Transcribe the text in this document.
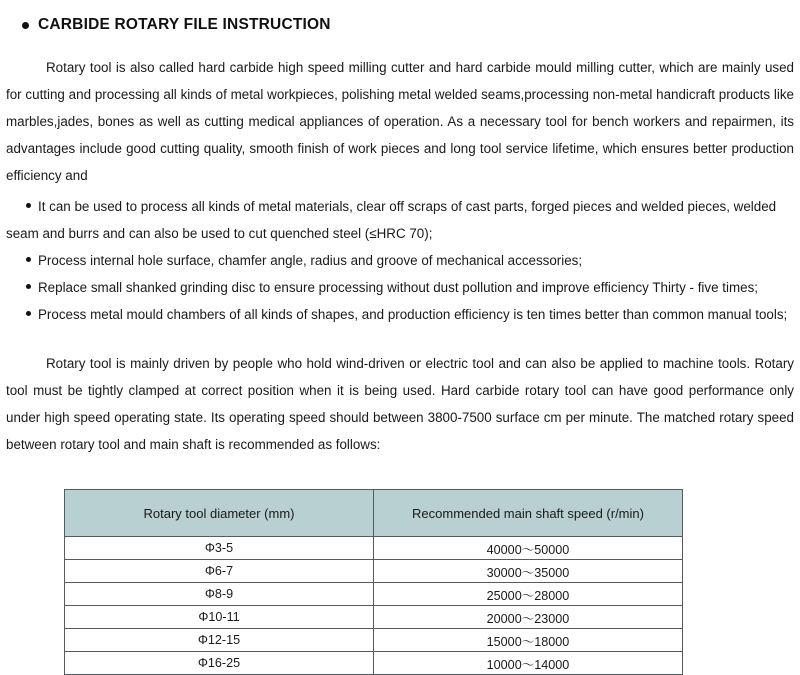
CARBIDE ROTARY FILE INSTRUCTION

Rotary tool is also called hard carbide high speed milling cutter and hard carbide mould milling cutter, which are mainly used for cutting and processing all kinds of metal workpieces, polishing metal welded seams,processing non-metal handicraft products like marbles,jades, bones as well as cutting medical appliances of operation. As a necessary tool for bench workers and repairmen, its advantages include good cutting quality, smooth finish of work pieces and long tool service lifetime, which ensures better production efficiency and

It can be used to process all kinds of metal materials, clear off scraps of cast parts, forged pieces and welded pieces, welded seam and burrs and can also be used to cut quenched steel (≤HRC 70);
Process internal hole surface, chamfer angle, radius and groove of mechanical accessories;
Replace small shanked grinding disc to ensure processing without dust pollution and improve efficiency Thirty - five times;
Process metal mould chambers of all kinds of shapes, and production efficiency is ten times better than common manual tools;

Rotary tool is mainly driven by people who hold wind-driven or electric tool and can also be applied to machine tools. Rotary tool must be tightly clamped at correct position when it is being used. Hard carbide rotary tool can have good performance only under high speed operating state. Its operating speed should between 3800-7500 surface cm per minute. The matched rotary speed between rotary tool and main shaft is recommended as follows:

Rotary tool diameter (mm)	Recommended main shaft speed (r/min)
Φ3-5	40000～50000
Φ6-7	30000～35000
Φ8-9	25000～28000
Φ10-11	20000～23000
Φ12-15	15000～18000
Φ16-25	10000～14000
